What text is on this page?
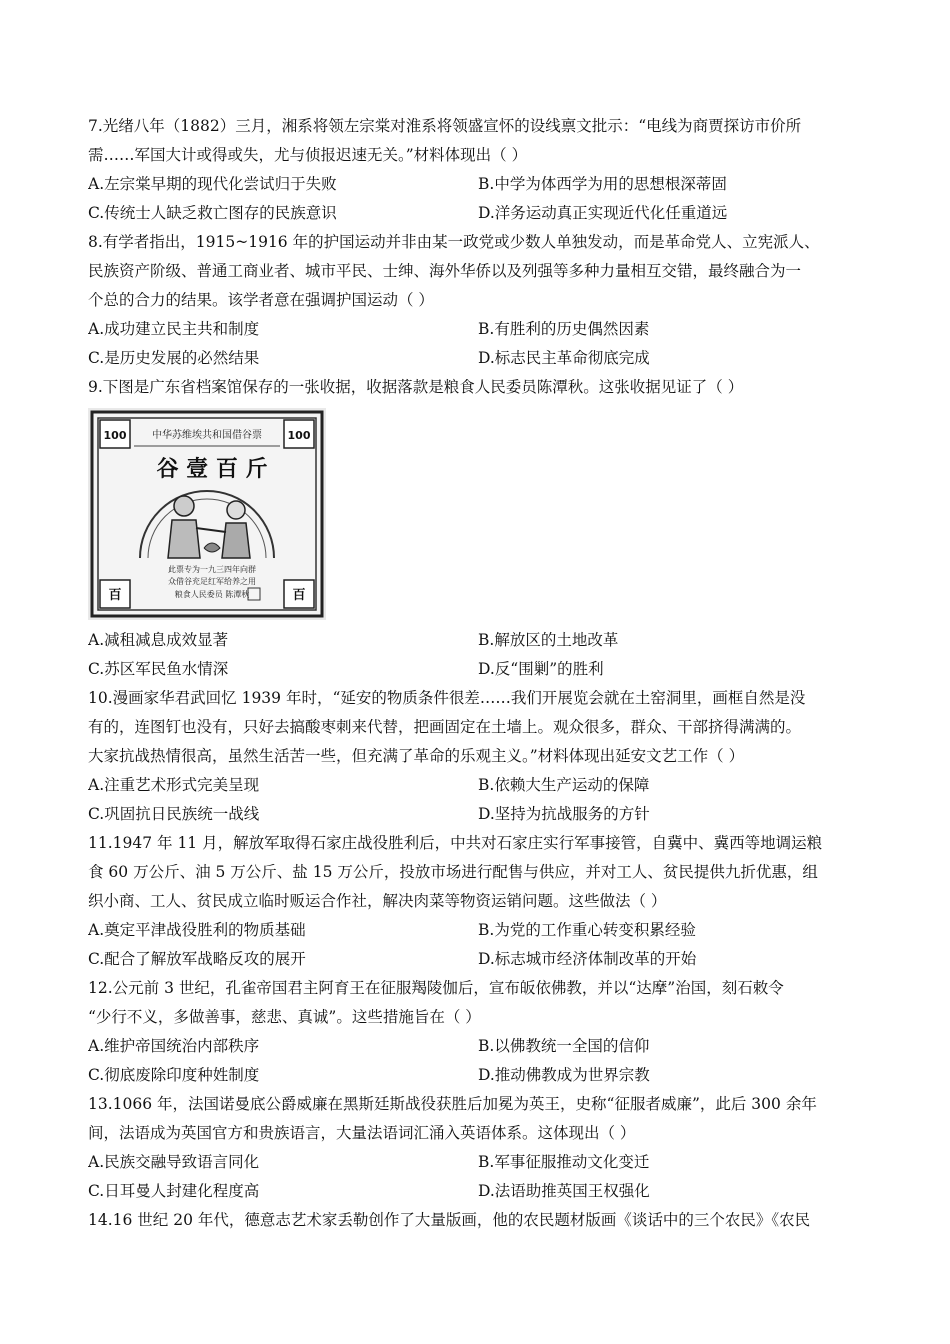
7.光绪八年（1882）三月，湘系将领左宗棠对淮系将领盛宣怀的设线禀文批示：“电线为商贾探访市价所
需……军国大计或得或失，尤与侦报迟速无关。”材料体现出（ ）
A.左宗棠早期的现代化尝试归于失败	B.中学为体西学为用的思想根深蒂固
C.传统士人缺乏救亡图存的民族意识	D.洋务运动真正实现近代化任重道远
8.有学者指出，1915~1916 年的护国运动并非由某一政党或少数人单独发动，而是革命党人、立宪派人、
民族资产阶级、普通工商业者、城市平民、士绅、海外华侨以及列强等多种力量相互交错，最终融合为一
个总的合力的结果。该学者意在强调护国运动（ ）
A.成功建立民主共和制度	B.有胜利的历史偶然因素
C.是历史发展的必然结果	D.标志民主革命彻底完成
9.下图是广东省档案馆保存的一张收据，收据落款是粮食人民委员陈潭秋。这张收据见证了（ ）
100	100
百	百
中华苏维埃共和国借谷票
谷 壹 百 斤
此票专为一九三四年向群
众借谷充足红军给养之用
粮食人民委员 陈潭秋
A.减租减息成效显著	B.解放区的土地改革
C.苏区军民鱼水情深	D.反“围剿”的胜利
10.漫画家华君武回忆 1939 年时，“延安的物质条件很差……我们开展览会就在土窑洞里，画框自然是没
有的，连图钉也没有，只好去搞酸枣刺来代替，把画固定在土墙上。观众很多，群众、干部挤得满满的。
大家抗战热情很高，虽然生活苦一些，但充满了革命的乐观主义。”材料体现出延安文艺工作（ ）
A.注重艺术形式完美呈现	B.依赖大生产运动的保障
C.巩固抗日民族统一战线	D.坚持为抗战服务的方针
11.1947 年 11 月，解放军取得石家庄战役胜利后，中共对石家庄实行军事接管，自冀中、冀西等地调运粮
食 60 万公斤、油 5 万公斤、盐 15 万公斤，投放市场进行配售与供应，并对工人、贫民提供九折优惠，组
织小商、工人、贫民成立临时贩运合作社，解决肉菜等物资运销问题。这些做法（ ）
A.奠定平津战役胜利的物质基础	B.为党的工作重心转变积累经验
C.配合了解放军战略反攻的展开	D.标志城市经济体制改革的开始
12.公元前 3 世纪，孔雀帝国君主阿育王在征服羯陵伽后，宣布皈依佛教，并以“达摩”治国，刻石敕令
“少行不义，多做善事，慈悲、真诚”。这些措施旨在（ ）
A.维护帝国统治内部秩序	B.以佛教统一全国的信仰
C.彻底废除印度种姓制度	D.推动佛教成为世界宗教
13.1066 年，法国诺曼底公爵威廉在黑斯廷斯战役获胜后加冕为英王，史称“征服者威廉”，此后 300 余年
间，法语成为英国官方和贵族语言，大量法语词汇涌入英语体系。这体现出（ ）
A.民族交融导致语言同化	B.军事征服推动文化变迁
C.日耳曼人封建化程度高	D.法语助推英国王权强化
14.16 世纪 20 年代，德意志艺术家丢勒创作了大量版画，他的农民题材版画《谈话中的三个农民》《农民
